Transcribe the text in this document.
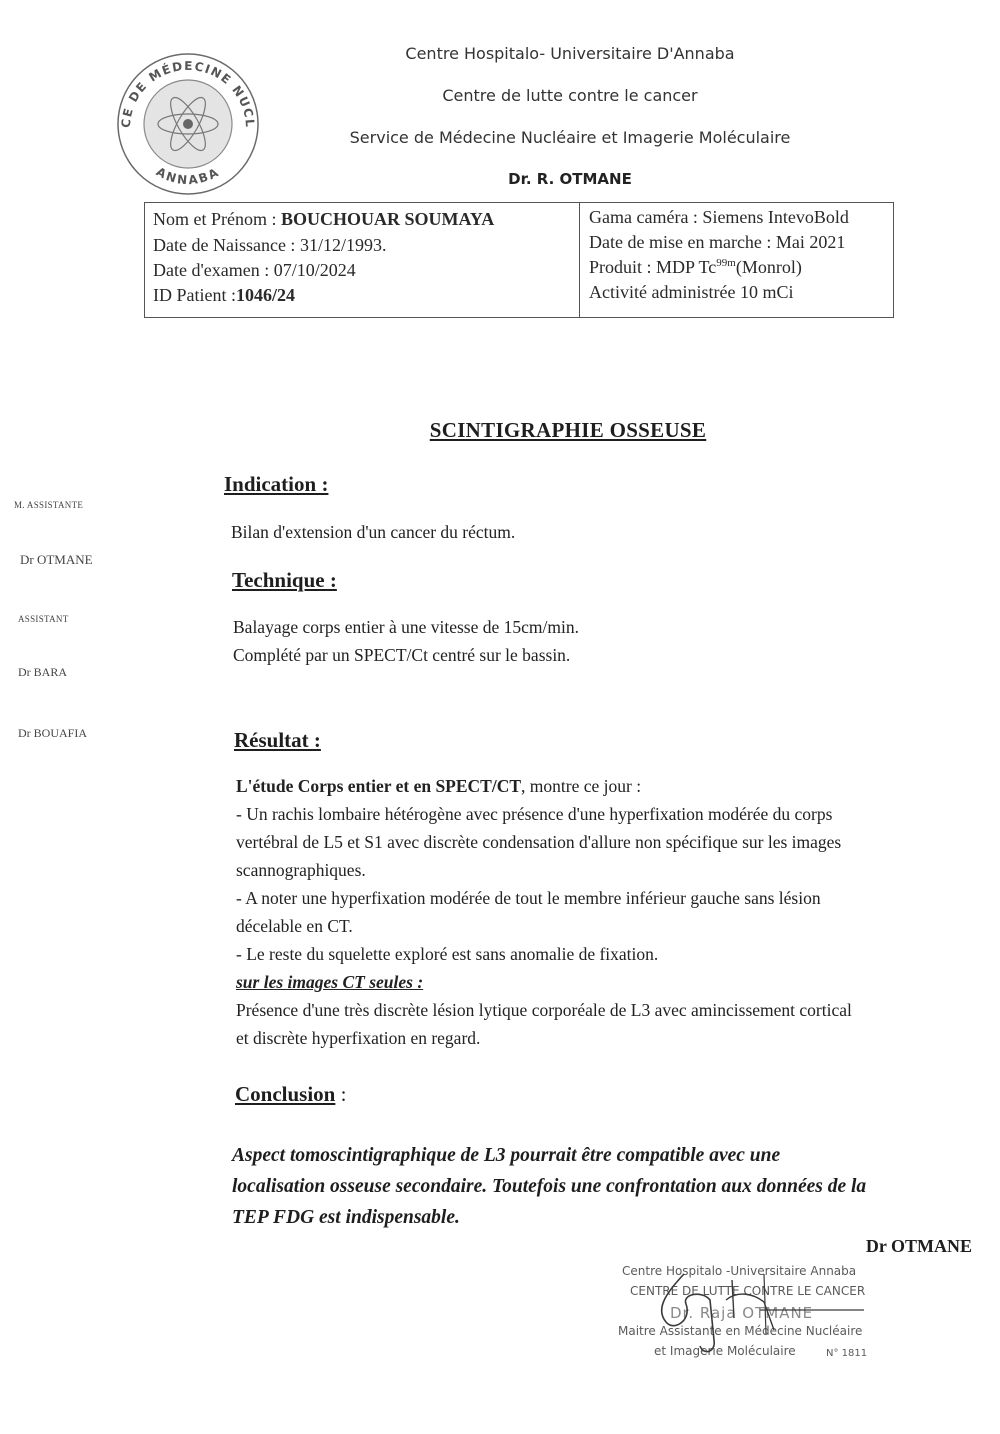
CE DE MÉDECINE NUCL
ANNABA
Centre Hospitalo- Universitaire D'Annaba
Centre de lutte contre le cancer
Service de Médecine Nucléaire et Imagerie Moléculaire
Dr. R. OTMANE
Nom et Prénom : BOUCHOUAR SOUMAYA
Date de Naissance : 31/12/1993.
Date d'examen : 07/10/2024
ID Patient :1046/24
Gama caméra : Siemens IntevoBold
Date de mise en marche : Mai 2021
Produit : MDP $Tc^{99m}(Monrol)$
Activité administrée 10 mCi
M. ASSISTANTE
Dr OTMANE
ASSISTANT
Dr BARA
Dr BOUAFIA
SCINTIGRAPHIE OSSEUSE
Indication :
Bilan d'extension d'un cancer du réctum.
Technique :
Balayage corps entier à une vitesse de 15cm/min.
Complété par un SPECT/Ct centré sur le bassin.
Résultat :
L'étude Corps entier et en SPECT/CT, montre ce jour :
- Un rachis lombaire hétérogène avec présence d'une hyperfixation modérée du corps
vertébral de L5 et S1 avec discrète condensation d'allure non spécifique sur les images
scannographiques.
- A noter une hyperfixation modérée de tout le membre inférieur gauche sans lésion
décelable en CT.
- Le reste du squelette exploré est sans anomalie de fixation.
sur les images CT seules :
Présence d'une très discrète lésion lytique corporéale de L3 avec amincissement cortical
et discrète hyperfixation en regard.
Conclusion :
Aspect tomoscintigraphique de L3 pourrait être compatible avec une
localisation osseuse secondaire. Toutefois une confrontation aux données de la
TEP FDG est indispensable.
Dr OTMANE
Centre Hospitalo -Universitaire Annaba
CENTRE DE LUTTE CONTRE LE CANCER
Dr. Raja OTMANE
Maitre Assistante en Médecine Nucléaire
et Imagerie Moléculaire	N° 1811
